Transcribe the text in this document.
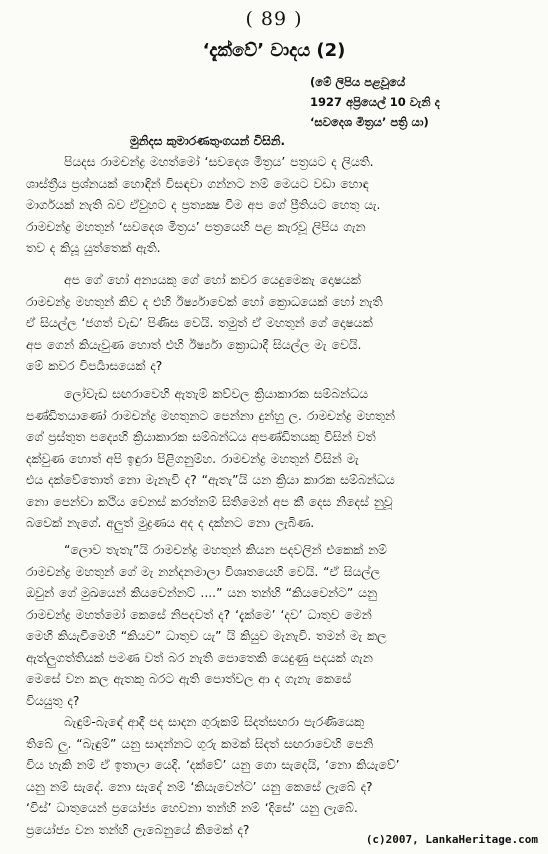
( 89 )
‘දැක්වේ’ වාදය (2)
(මේ ලිපිය පළවූයේ
1927 අප්‍රියෙල් 10 වැනි ද
‘සවදෙශ මිත්‍රය’ පත්‍රි යා)
මුනිදස කුමාරණතුංගයන් විසිනි.
පියදස රාමචන්ද්‍ර මහත්මෝ ‘සවදෙශ මිත්‍රය’ පත්‍රයට ද ලියති.
ශාස්ත්‍රීය ප්‍රශ්නයක් හොඳින් විසඳවා ගන්නට නම් මෙයට වඩා හොඳ
මාර්ගයක් නැති බව ඒවුහට ද ප්‍රත්‍යක්‍ෂ වීම අප ගේ ප්‍රීතියට හෙතු යැ.
රාමචන්ද්‍ර මහතුන් ‘සවදෙශ මිත්‍රය’ පත්‍රයෙහි පළ කැරවූ ලිපිය ගැන
තව ද කියූ යුත්තෙක් ඇති.
අප ගේ හෝ අන්‍යයකු ගේ හෝ කවර යෙදුමෙකැ දොෂයක්
රාමචන්ද්‍ර මහතුන් කිව ද එහි ඊර්ෂ්‍යාවෙක් හෝ ක්‍රොධයෙක් හෝ නැති
ඒ සියල්ල ‘ජගත් වැඩ’ පිණිස වෙයි. තමුත් ඒ මහතුන් ගේ දොෂයක්
අප ගෙන් කියැවුණ හොත් එහි ඊර්ෂ්‍යා ක්‍රොධාදී සියල්ල මැ වෙයි.
මේ කවර විපර්‍යාසයෙක් ද?
ලෝවැඩ සඟරාවෙහි ඇතැම් කව්වල ක්‍රියාකාරක සම්බන්ධය
පණ්ඩිතයාණෝ රාමචන්ද්‍ර මහතුනට පෙන්නා දුන්හු ල. රාමචන්ද්‍ර මහතුන්
ගේ ප්‍රස්තුත පද්‍යෙහි ක්‍රියාකාරක සම්බන්ධය අපණ්ඩිතයකු විසින් වත්
දක්වුණ හොත් අපි ඉඳුරා පිළිගනුම්හ. රාමචන්ද්‍ර මහතුන් විසින් මැ
එය දක්වේතොත් නො මැනැවි ද? “ඇතැ”යි යන ක්‍රියා කාරක සම්බන්ධය
නො පෙන්වා කථිය වෙනස් කරත්නම් සිතිමෙන් අප කී දෙස නිදෙස් නුවූ
බවෙක් නැගේ. අලුත් මුද්‍රණය අද ද දක්නට නො ලැබිණ.
“ලොව තැතැ”යි රාමචන්ද්‍ර මහතුන් කියන පදවලින් එකෙක් නම්
රාමචන්ද්‍ර මහතුන් ගේ මැ නන්දනමාලා විශ්‍රුතයෙහි වෙයි. “ඒ සියල්ල
ඔවුන් ගේ මුඛයෙන් කියවෙන්නට් ....” යන තන්හි “කියවෙන්ට” යනු
රාමචන්ද්‍ර මහත්මෝ කෙසේ නිපදවත් ද? ‘දැක්මෙ’ ‘දව’ ධාතුව මෙන්
මෙහි කියැවීමෙහි “කියව” ධාතුව යැ” යි කියුව මැනැවි. තමන් මැ කල
ඇත්ලුගත්තියක් පමණ වත් බර නැති පොතෙකි යෙදුණු පදයක් ගැන
මෙසේ වන කල ඇතකු බරට ඇති පොත්වල ආ ද ගැනැ කෙසේ
වියයුතු ද?
බැඳුම්-බැඳේ ආදී පද සාදන ගුරුකම් සිදත්සඟරා පැරණියෙකු
තිබේ ලු. “බැඳුම්” යනු සාදන්නට ගුරු කමක් සිදත් සඟරාවෙහි පෙනි
විය හැකි නම් ඒ ඉතාලා යෙදි. ‘දක්වේ’ යනු ගො සැදෙයි, ‘නො කියැවේ’
යනු නම් සැදේ. නො සැදේ නම් ‘කියැවෙන්ට’ යනු කෙසේ ලැබේ ද?
‘විස්’ ධාතුයෙන් ප්‍රයෝජ්‍ය හෙවනා තන්හි නම් ‘දිසේ’ යනු ලැබේ.
ප්‍රයෝජ්‍ය වන තන්හි ලැබෙනුයේ කිමෙක් ද?
(c)2007, LankaHeritage.com
